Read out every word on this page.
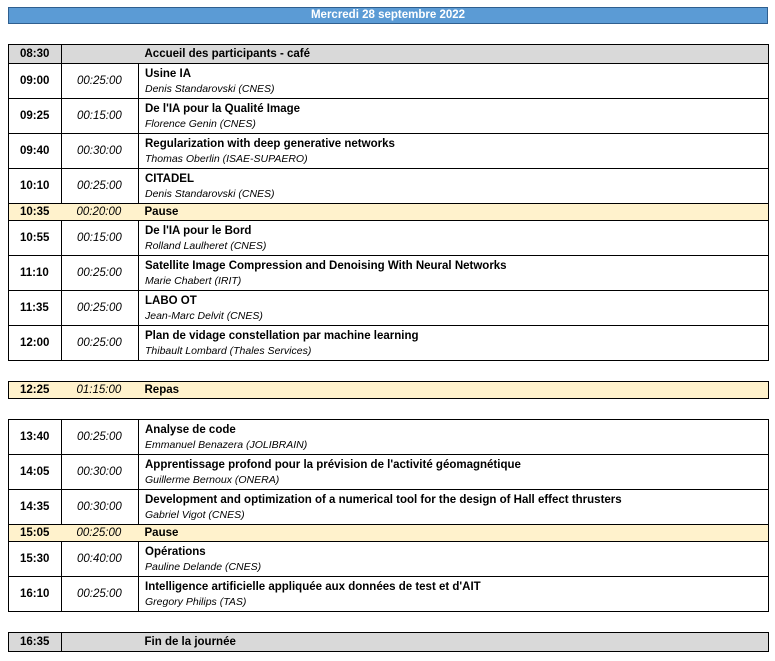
Mercredi 28 septembre 2022
08:30		Accueil des participants - café
09:00	00:25:00	Usine IA
Denis Standarovski (CNES)

09:25	00:15:00	De l'IA pour la Qualité Image
Florence Genin (CNES)

09:40	00:30:00	Regularization with deep generative networks
Thomas Oberlin (ISAE-SUPAERO)

10:10	00:25:00	CITADEL
Denis Standarovski (CNES)

10:35	00:20:00	Pause
10:55	00:15:00	De l'IA pour le Bord
Rolland Laulheret (CNES)

11:10	00:25:00	Satellite Image Compression and Denoising With Neural Networks
Marie Chabert (IRIT)

11:35	00:25:00	LABO OT
Jean-Marc Delvit (CNES)

12:00	00:25:00	Plan de vidage constellation par machine learning
Thibault Lombard (Thales Services)
12:25	01:15:00	Repas
13:40	00:25:00	Analyse de code
Emmanuel Benazera (JOLIBRAIN)

14:05	00:30:00	Apprentissage profond pour la prévision de l'activité géomagnétique
Guillerme Bernoux (ONERA)

14:35	00:30:00	Development and optimization of a numerical tool for the design of Hall effect thrusters
Gabriel Vigot (CNES)

15:05	00:25:00	Pause
15:30	00:40:00	Opérations
Pauline Delande (CNES)

16:10	00:25:00	Intelligence artificielle appliquée aux données de test et d'AIT
Gregory Philips (TAS)
16:35		Fin de la journée
